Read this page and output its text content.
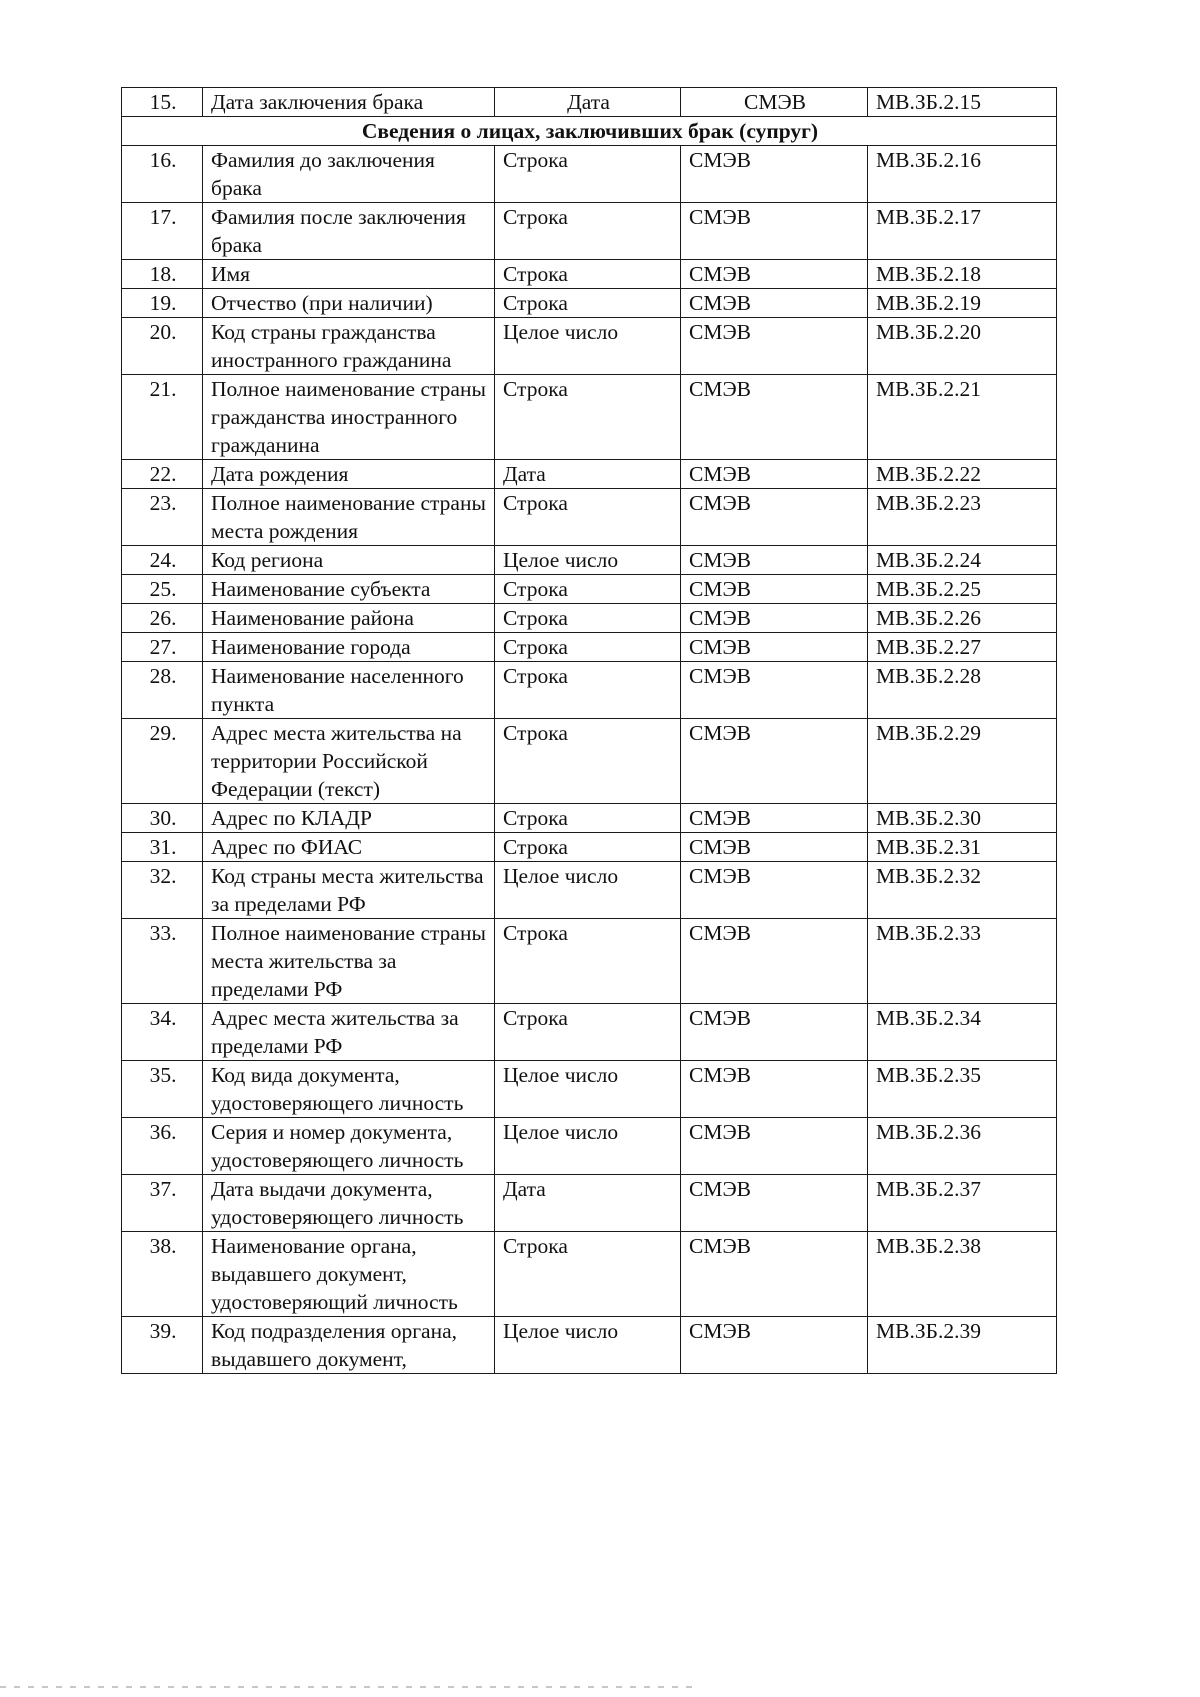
15.	Дата заключения брака	Дата	СМЭВ	МВ.ЗБ.2.15
Сведения о лицах, заключивших брак (супруг)				
16.	Фамилия до заключения брака	Строка	СМЭВ	МВ.ЗБ.2.16
17.	Фамилия после заключения брака	Строка	СМЭВ	МВ.ЗБ.2.17
18.	Имя	Строка	СМЭВ	МВ.ЗБ.2.18
19.	Отчество (при наличии)	Строка	СМЭВ	МВ.ЗБ.2.19
20.	Код страны гражданства иностранного гражданина	Целое число	СМЭВ	МВ.ЗБ.2.20
21.	Полное наименование страны гражданства иностранного гражданина	Строка	СМЭВ	МВ.ЗБ.2.21
22.	Дата рождения	Дата	СМЭВ	МВ.ЗБ.2.22
23.	Полное наименование страны места рождения	Строка	СМЭВ	МВ.ЗБ.2.23
24.	Код региона	Целое число	СМЭВ	МВ.ЗБ.2.24
25.	Наименование субъекта	Строка	СМЭВ	МВ.ЗБ.2.25
26.	Наименование района	Строка	СМЭВ	МВ.ЗБ.2.26
27.	Наименование города	Строка	СМЭВ	МВ.ЗБ.2.27
28.	Наименование населенного пункта	Строка	СМЭВ	МВ.ЗБ.2.28
29.	Адрес места жительства на территории Российской Федерации (текст)	Строка	СМЭВ	МВ.ЗБ.2.29
30.	Адрес по КЛАДР	Строка	СМЭВ	МВ.ЗБ.2.30
31.	Адрес по ФИАС	Строка	СМЭВ	МВ.ЗБ.2.31
32.	Код страны места жительства за пределами РФ	Целое число	СМЭВ	МВ.ЗБ.2.32
33.	Полное наименование страны места жительства за пределами РФ	Строка	СМЭВ	МВ.ЗБ.2.33
34.	Адрес места жительства за пределами РФ	Строка	СМЭВ	МВ.ЗБ.2.34
35.	Код вида документа, удостоверяющего личность	Целое число	СМЭВ	МВ.ЗБ.2.35
36.	Серия и номер документа, удостоверяющего личность	Целое число	СМЭВ	МВ.ЗБ.2.36
37.	Дата выдачи документа, удостоверяющего личность	Дата	СМЭВ	МВ.ЗБ.2.37
38.	Наименование органа, выдавшего документ, удостоверяющий личность	Строка	СМЭВ	МВ.ЗБ.2.38
39.	Код подразделения органа, выдавшего документ,	Целое число	СМЭВ	МВ.ЗБ.2.39
